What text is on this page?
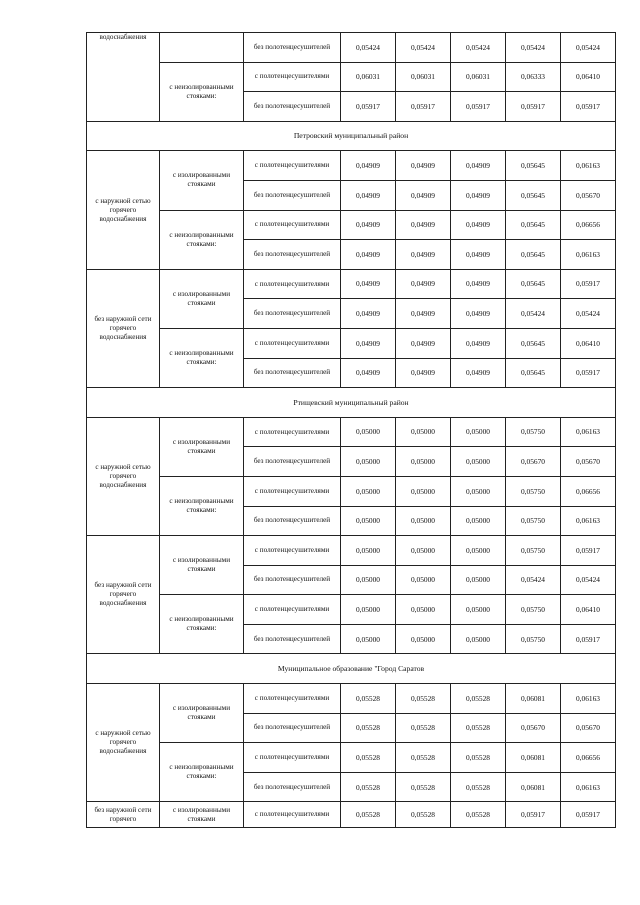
водоснабжения		без полотенцесушителей	0,05424	0,05424	0,05424	0,05424	0,05424
	с неизолированными стояками:	с полотенцесушителями	0,06031	0,06031	0,06031	0,06333	0,06410
		без полотенцесушителей	0,05917	0,05917	0,05917	0,05917	0,05917
Петровский муниципальный район							
с наружной сетью горячего водоснабжения	с изолированными стояками	с полотенцесушителями	0,04909	0,04909	0,04909	0,05645	0,06163
		без полотенцесушителей	0,04909	0,04909	0,04909	0,05645	0,05670
	с неизолированными стояками:	с полотенцесушителями	0,04909	0,04909	0,04909	0,05645	0,06656
		без полотенцесушителей	0,04909	0,04909	0,04909	0,05645	0,06163
без наружной сети горячего водоснабжения	с изолированными стояками	с полотенцесушителями	0,04909	0,04909	0,04909	0,05645	0,05917
		без полотенцесушителей	0,04909	0,04909	0,04909	0,05424	0,05424
	с неизолированными стояками:	с полотенцесушителями	0,04909	0,04909	0,04909	0,05645	0,06410
		без полотенцесушителей	0,04909	0,04909	0,04909	0,05645	0,05917
Ртищевский муниципальный район							
с наружной сетью горячего водоснабжения	с изолированными стояками	с полотенцесушителями	0,05000	0,05000	0,05000	0,05750	0,06163
		без полотенцесушителей	0,05000	0,05000	0,05000	0,05670	0,05670
	с неизолированными стояками:	с полотенцесушителями	0,05000	0,05000	0,05000	0,05750	0,06656
		без полотенцесушителей	0,05000	0,05000	0,05000	0,05750	0,06163
без наружной сети горячего водоснабжения	с изолированными стояками	с полотенцесушителями	0,05000	0,05000	0,05000	0,05750	0,05917
		без полотенцесушителей	0,05000	0,05000	0,05000	0,05424	0,05424
	с неизолированными стояками:	с полотенцесушителями	0,05000	0,05000	0,05000	0,05750	0,06410
		без полотенцесушителей	0,05000	0,05000	0,05000	0,05750	0,05917
Муниципальное образование "Город Саратов							
с наружной сетью горячего водоснабжения	с изолированными стояками	с полотенцесушителями	0,05528	0,05528	0,05528	0,06081	0,06163
		без полотенцесушителей	0,05528	0,05528	0,05528	0,05670	0,05670
	с неизолированными стояками:	с полотенцесушителями	0,05528	0,05528	0,05528	0,06081	0,06656
		без полотенцесушителей	0,05528	0,05528	0,05528	0,06081	0,06163
без наружной сети горячего	с изолированными стояками	с полотенцесушителями	0,05528	0,05528	0,05528	0,05917	0,05917
